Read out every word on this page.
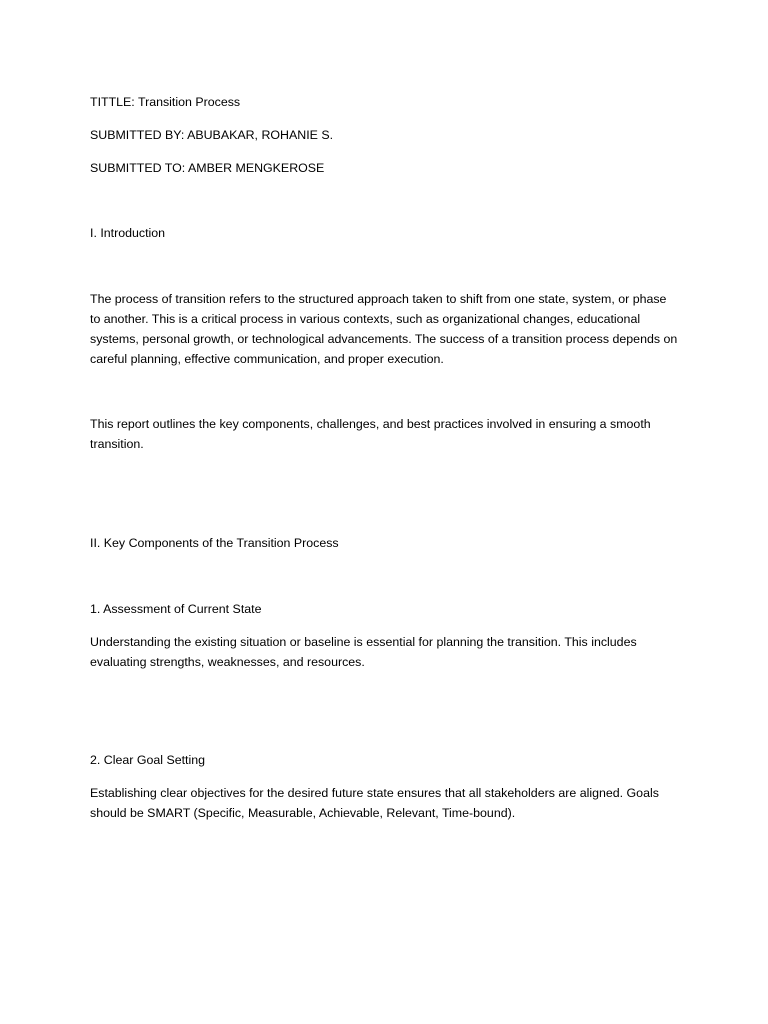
TITTLE: Transition Process

SUBMITTED BY: ABUBAKAR, ROHANIE S.

SUBMITTED TO: AMBER MENGKEROSE

I. Introduction

The process of transition refers to the structured approach taken to shift from one state, system, or phase to another. This is a critical process in various contexts, such as organizational changes, educational systems, personal growth, or technological advancements. The success of a transition process depends on careful planning, effective communication, and proper execution.

This report outlines the key components, challenges, and best practices involved in ensuring a smooth transition.

II. Key Components of the Transition Process

1. Assessment of Current State

Understanding the existing situation or baseline is essential for planning the transition. This includes evaluating strengths, weaknesses, and resources.

2. Clear Goal Setting

Establishing clear objectives for the desired future state ensures that all stakeholders are aligned. Goals should be SMART (Specific, Measurable, Achievable, Relevant, Time-bound).
